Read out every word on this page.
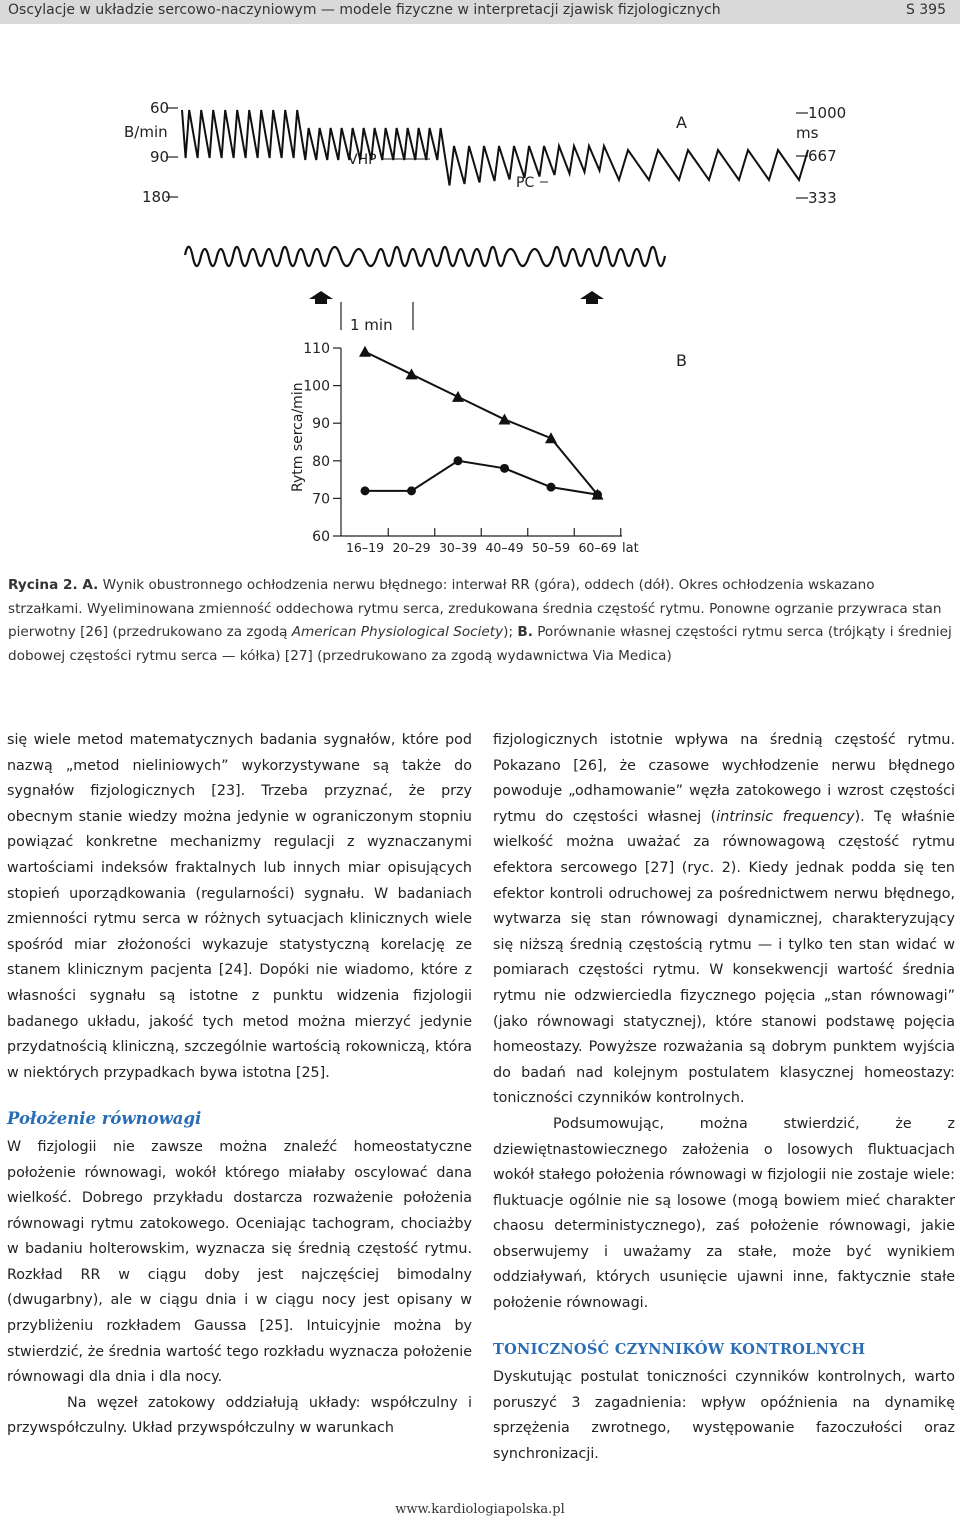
Oscylacje w układzie sercowo-naczyniowym — modele fizyczne w interpretacji zjawisk fizjologicznych	S 395
A
60
B/min
90
180
1000
ms
667
333
VHP
PC
1 min
B
Rytm serca/min
110
100
90
80
70
60
16–19 20–29 30–39 40–49 50–59 60–69 lat
Rycina 2. A. Wynik obustronnego ochłodzenia nerwu błędnego: interwał RR (góra), oddech (dół). Okres ochłodzenia wskazano strzałkami. Wyeliminowana zmienność oddechowa rytmu serca, zredukowana średnia częstość rytmu. Ponowne ogrzanie przywraca stan pierwotny [26] (przedrukowano za zgodą American Physiological Society); B. Porównanie własnej częstości rytmu serca (trójkąty i średniej dobowej częstości rytmu serca — kółka) [27] (przedrukowano za zgodą wydawnictwa Via Medica)

się wiele metod matematycznych badania sygnałów, które pod nazwą „metod nieliniowych” wykorzystywane są także do sygnałów fizjologicznych [23]. Trzeba przyznać, że przy obecnym stanie wiedzy można jedynie w ograniczonym stopniu powiązać konkretne mechanizmy regulacji z wyznaczanymi wartościami indeksów fraktalnych lub innych miar opisujących stopień uporządkowania (regularności) sygnału. W badaniach zmienności rytmu serca w różnych sytuacjach klinicznych wiele spośród miar złożoności wykazuje statystyczną korelację ze stanem klinicznym pacjenta [24]. Dopóki nie wiadomo, które z własności sygnału są istotne z punktu widzenia fizjologii badanego układu, jakość tych metod można mierzyć jedynie przydatnością kliniczną, szczególnie wartością rokowniczą, która w niektórych przypadkach bywa istotna [25].

Położenie równowagi

W fizjologii nie zawsze można znaleźć homeostatyczne położenie równowagi, wokół którego miałaby oscylować dana wielkość. Dobrego przykładu dostarcza rozważenie położenia równowagi rytmu zatokowego. Oceniając tachogram, chociażby w badaniu holterowskim, wyznacza się średnią częstość rytmu. Rozkład RR w ciągu doby jest najczęściej bimodalny (dwugarbny), ale w ciągu dnia i w ciągu nocy jest opisany w przybliżeniu rozkładem Gaussa [25]. Intuicyjnie można by stwierdzić, że średnia wartość tego rozkładu wyznacza położenie równowagi dla dnia i dla nocy.

Na węzeł zatokowy oddziałują układy: współczulny i przywspółczulny. Układ przywspółczulny w warunkach

fizjologicznych istotnie wpływa na średnią częstość rytmu. Pokazano [26], że czasowe wychłodzenie nerwu błędnego powoduje „odhamowanie” węzła zatokowego i wzrost częstości rytmu do częstości własnej (intrinsic frequency). Tę właśnie wielkość można uważać za równowagową częstość rytmu efektora sercowego [27] (ryc. 2). Kiedy jednak podda się ten efektor kontroli odruchowej za pośrednictwem nerwu błędnego, wytwarza się stan równowagi dynamicznej, charakteryzujący się niższą średnią częstością rytmu — i tylko ten stan widać w pomiarach częstości rytmu. W konsekwencji wartość średnia rytmu nie odzwierciedla fizycznego pojęcia „stan równowagi” (jako równowagi statycznej), które stanowi podstawę pojęcia homeostazy. Powyższe rozważania są dobrym punktem wyjścia do badań nad kolejnym postulatem klasycznej homeostazy: toniczności czynników kontrolnych.

Podsumowując, można stwierdzić, że z dziewiętnastowiecznego założenia o losowych fluktuacjach wokół stałego położenia równowagi w fizjologii nie zostaje wiele: fluktuacje ogólnie nie są losowe (mogą bowiem mieć charakter chaosu deterministycznego), zaś położenie równowagi, jakie obserwujemy i uważamy za stałe, może być wynikiem oddziaływań, których usunięcie ujawni inne, faktycznie stałe położenie równowagi.

TONICZNOŚĆ CZYNNIKÓW KONTROLNYCH

Dyskutując postulat toniczności czynników kontrolnych, warto poruszyć 3 zagadnienia: wpływ opóźnienia na dynamikę sprzężenia zwrotnego, występowanie fazoczułości oraz synchronizacji.

www.kardiologiapolska.pl
